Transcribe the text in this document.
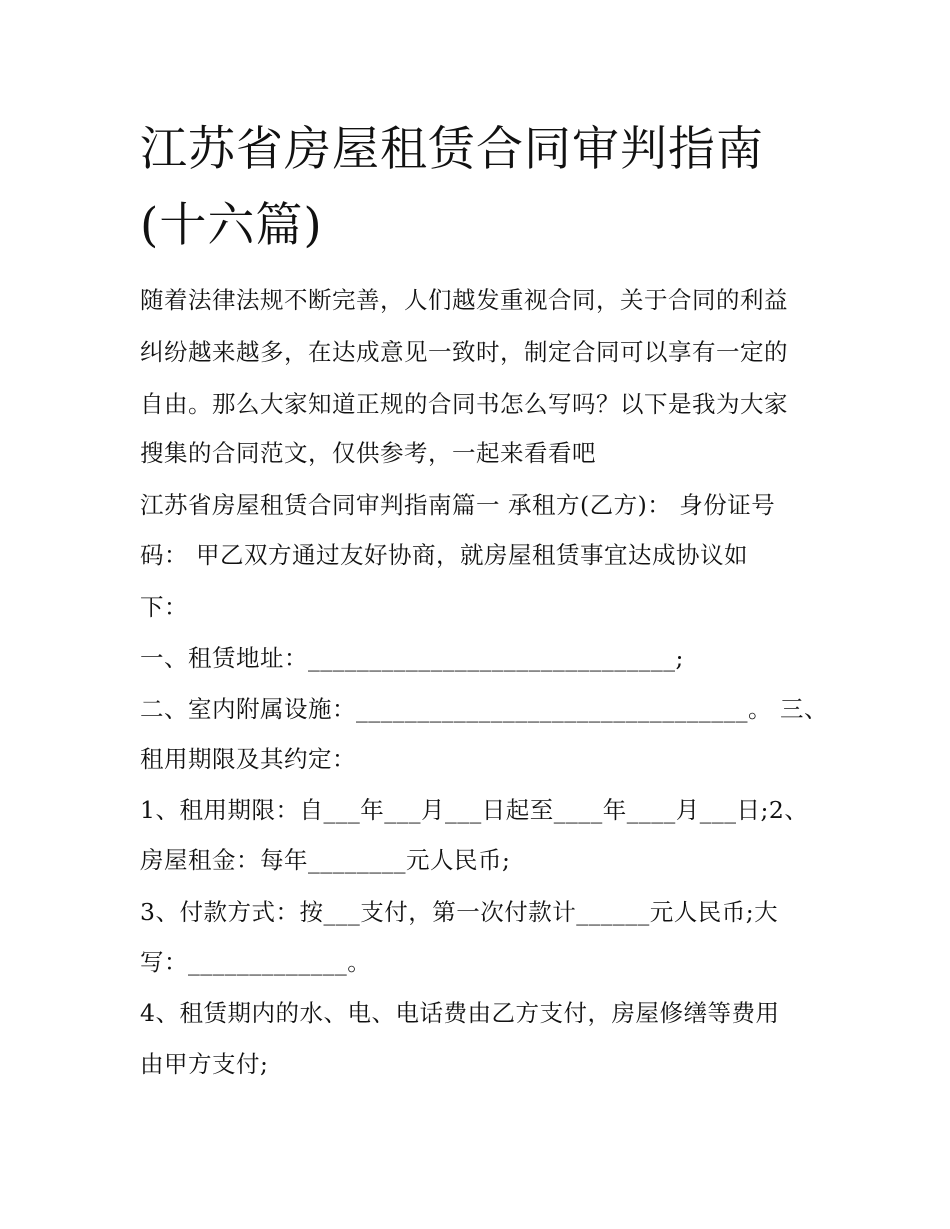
江苏省房屋租赁合同审判指南
(十六篇)

随着法律法规不断完善，人们越发重视合同，关于合同的利益

纠纷越来越多，在达成意见一致时，制定合同可以享有一定的

自由。那么大家知道正规的合同书怎么写吗？以下是我为大家

搜集的合同范文，仅供参考，一起来看看吧

江苏省房屋租赁合同审判指南篇一 承租方(乙方)： 身份证号

码： 甲乙双方通过友好协商，就房屋租赁事宜达成协议如

下：

一、租赁地址：______________________________;

二、室内附属设施：________________________________。 三、

租用期限及其约定：

1、租用期限：自___年___月___日起至____年____月___日;2、

房屋租金：每年________元人民币;

3、付款方式：按___支付，第一次付款计______元人民币;大

写：_____________。

4、租赁期内的水、电、电话费由乙方支付，房屋修缮等费用

由甲方支付;
